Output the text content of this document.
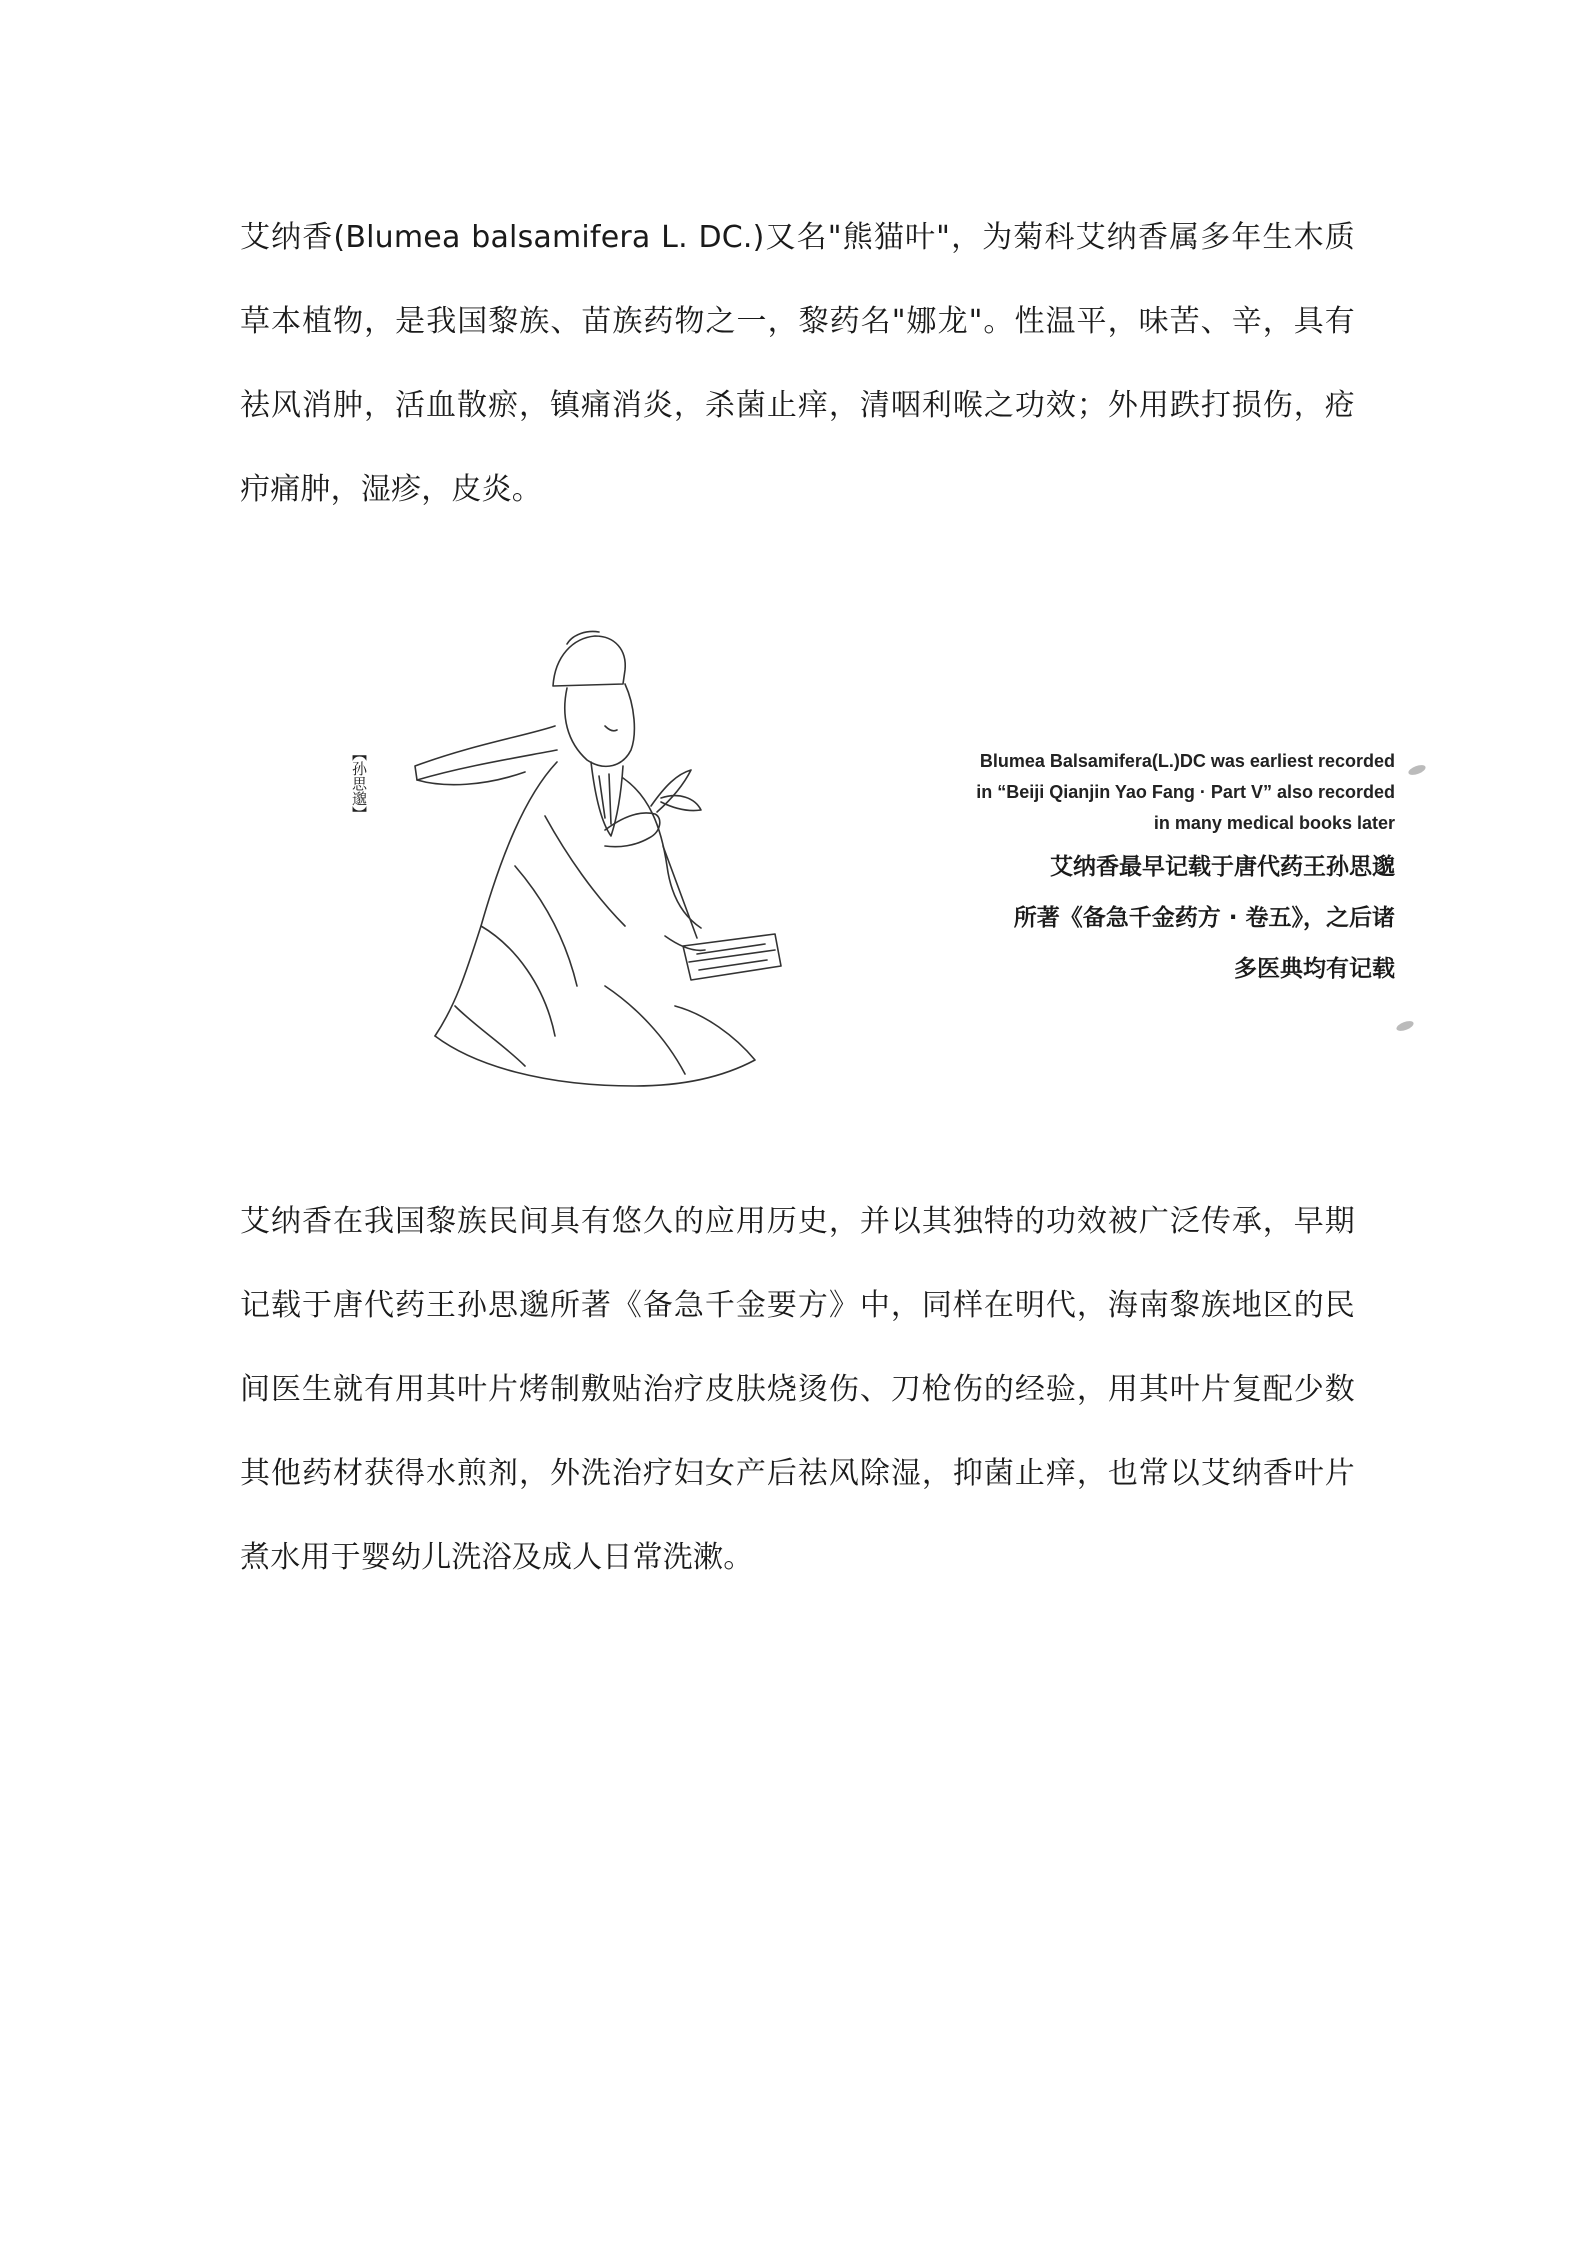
艾纳香(Blumea balsamifera L. DC.)又名"熊猫叶"，为菊科艾纳香属多年生木质草本植物，是我国黎族、苗族药物之一，黎药名"娜龙"。性温平，味苦、辛，具有祛风消肿，活血散瘀，镇痛消炎，杀菌止痒，清咽利喉之功效；外用跌打损伤，疮疖痛肿，湿疹，皮炎。

【孙思邈】	Blumea Balsamifera(L.)DC was earliest recorded
in “Beiji Qianjin Yao Fang · Part V” also recorded
in many medical books later
艾纳香最早记载于唐代药王孙思邈
所著《备急千金药方 · 卷五》，之后诸
多医典均有记载

艾纳香在我国黎族民间具有悠久的应用历史，并以其独特的功效被广泛传承，早期记载于唐代药王孙思邈所著《备急千金要方》中，同样在明代，海南黎族地区的民间医生就有用其叶片烤制敷贴治疗皮肤烧烫伤、刀枪伤的经验，用其叶片复配少数其他药材获得水煎剂，外洗治疗妇女产后祛风除湿，抑菌止痒，也常以艾纳香叶片煮水用于婴幼儿洗浴及成人日常洗漱。
